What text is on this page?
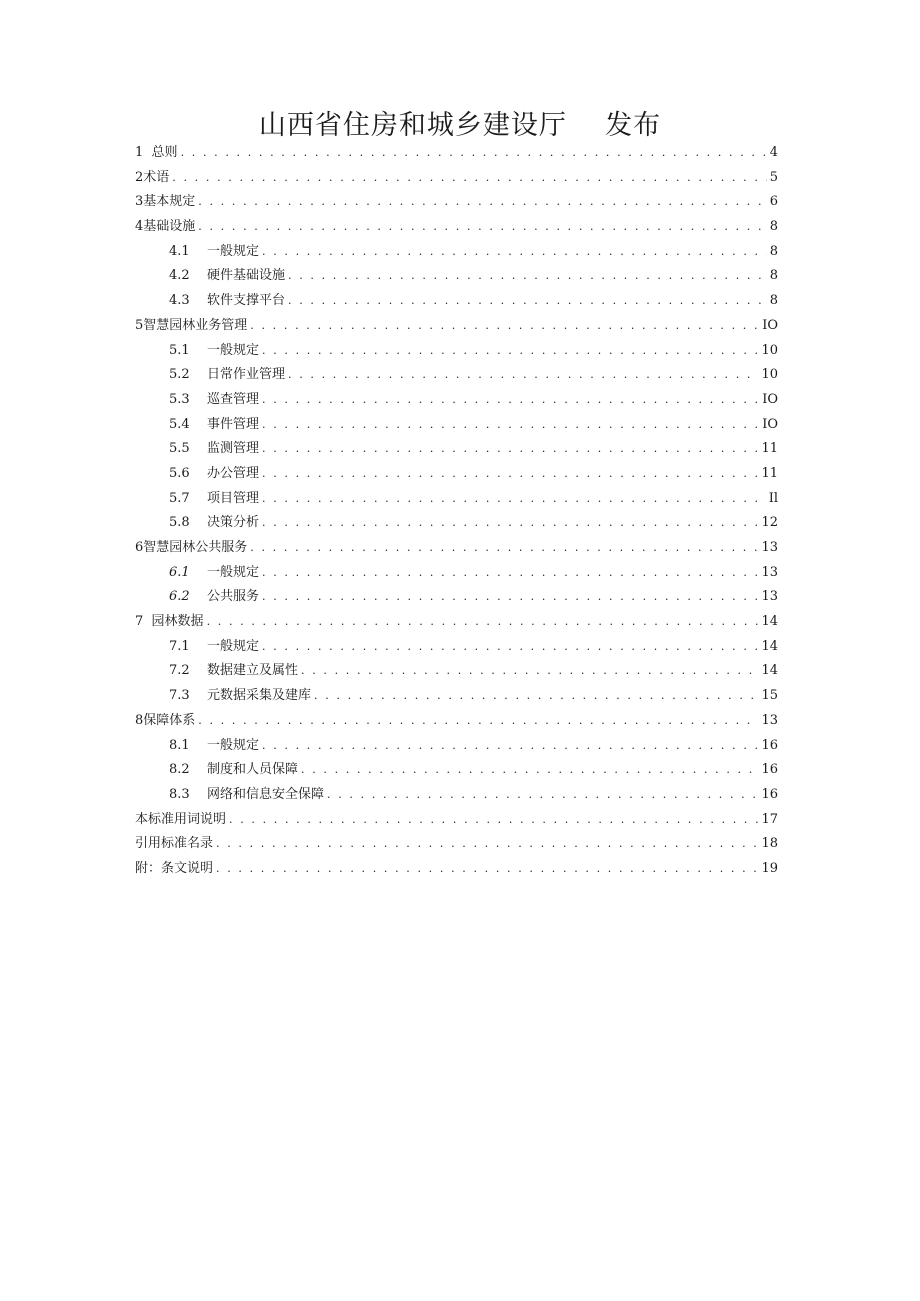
山西省住房和城乡建设厅    发布
1 总则 . . .	4
2 术语 . . .	5
3 基本规定 . . .	6
4 基础设施 . . .	8
4.1	一般规定 . . .	8
4.2	硬件基础设施 . . .	8
4.3	软件支撑平台 . . .	8
5 智慧园林业务管理 . . .	IO
5.1	一般规定 . . .	10
5.2	日常作业管理 . . .	10
5.3	巡查管理 . . .	IO
5.4	事件管理 . . .	IO
5.5	监测管理 . . .	11
5.6	办公管理 . . .	11
5.7	项目管理 . . .	Il
5.8	决策分析 . . .	12
6 智慧园林公共服务 . . .	13
6.1	一般规定 . . .	13
6.2	公共服务 . . .	13
7 园林数据 . . .	14
7.1	一般规定 . . .	14
7.2	数据建立及属性 . . .	14
7.3	元数据采集及建库 . . .	15
8 保障体系 . . .	13
8.1	一般规定 . . .	16
8.2	制度和人员保障 . . .	16
8.3	网络和信息安全保障 . . .	16
本标准用词说明 . . .	17
引用标准名录 . . .	18
附：条文说明 . . .	19
